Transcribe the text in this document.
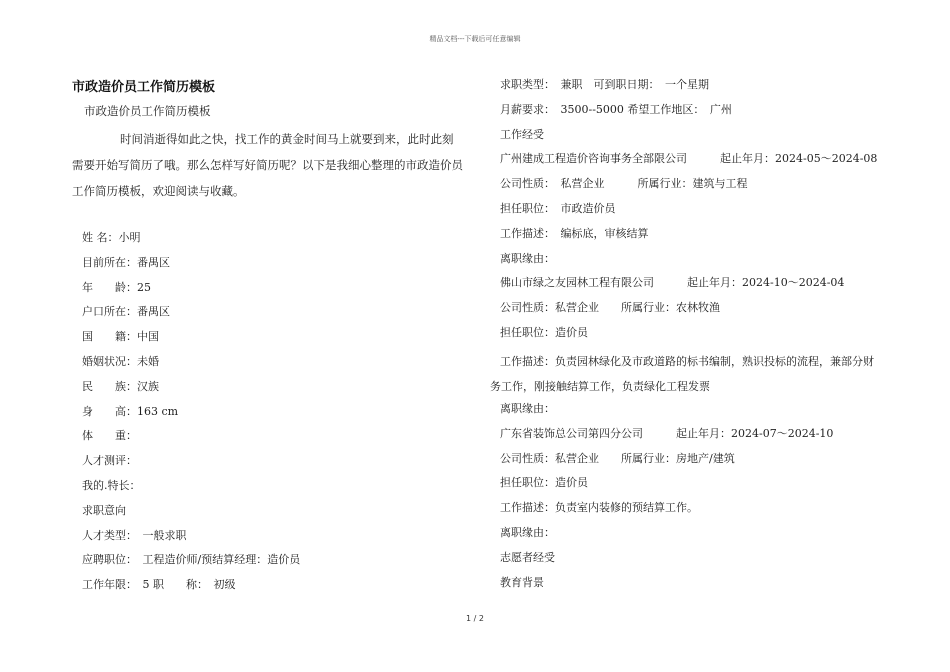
精品文档---下载后可任意编辑
市政造价员工作简历模板
市政造价员工作简历模板
时间消逝得如此之快，找工作的黄金时间马上就要到来，此时此刻需要开始写简历了哦。那么怎样写好简历呢？以下是我细心整理的市政造价员工作简历模板，欢迎阅读与收藏。
姓 名：小明
目前所在：番禺区
年　　龄：25
户口所在：番禺区
国　　籍：中国
婚姻状况：未婚
民　　族：汉族
身　　高：163 cm
体　　重：
人才测评：
我的.特长：
求职意向
人才类型：　一般求职
应聘职位：　工程造价师/预结算经理：造价员
工作年限：　5 职　　称：　初级
求职类型：　兼职　可到职日期：　一个星期
月薪要求：　3500--5000 希望工作地区：　广州
工作经受
广州建成工程造价咨询事务全部限公司　　　起止年月：2024-05～2024-08
公司性质：　私营企业　　　所属行业：建筑与工程
担任职位：　市政造价员
工作描述：　编标底，审核结算
离职缘由：
佛山市绿之友园林工程有限公司　　　起止年月：2024-10～2024-04
公司性质：私营企业　　所属行业：农林牧渔
担任职位：造价员
工作描述：负责园林绿化及市政道路的标书编制，熟识投标的流程，兼部分财务工作，刚接触结算工作，负责绿化工程发票
离职缘由：
广东省装饰总公司第四分公司　　　起止年月：2024-07～2024-10
公司性质：私营企业　　所属行业：房地产/建筑
担任职位：造价员
工作描述：负责室内装修的预结算工作。
离职缘由：
志愿者经受
教育背景
1 / 2
